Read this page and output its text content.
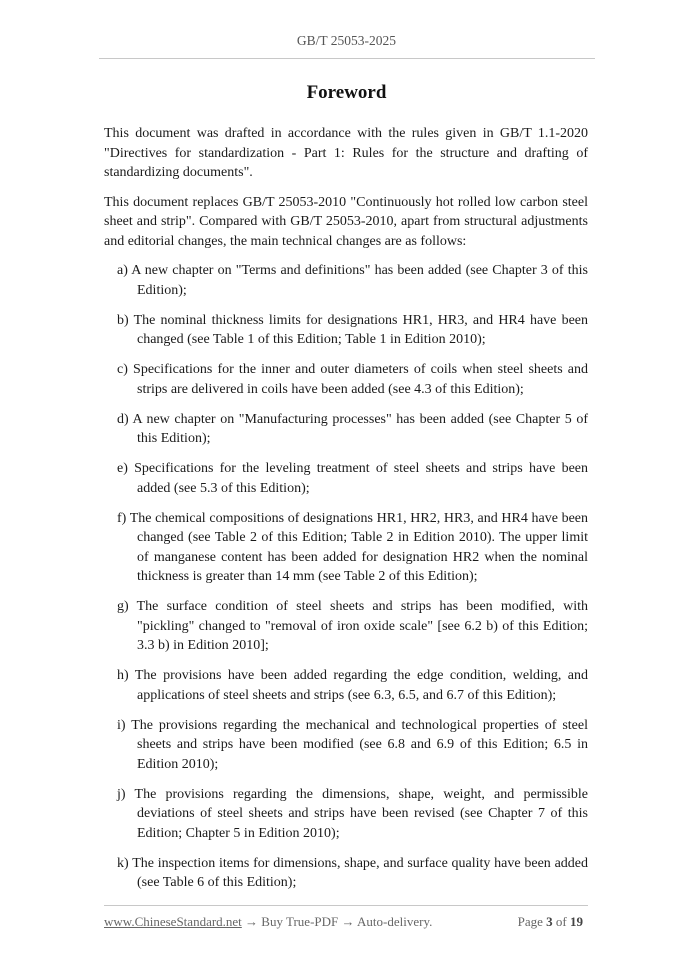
GB/T 25053-2025
Foreword

This document was drafted in accordance with the rules given in GB/T 1.1-2020 "Directives for standardization - Part 1: Rules for the structure and drafting of standardizing documents".

This document replaces GB/T 25053-2010 "Continuously hot rolled low carbon steel sheet and strip". Compared with GB/T 25053-2010, apart from structural adjustments and editorial changes, the main technical changes are as follows:

a) A new chapter on "Terms and definitions" has been added (see Chapter 3 of this Edition);
b) The nominal thickness limits for designations HR1, HR3, and HR4 have been changed (see Table 1 of this Edition; Table 1 in Edition 2010);
c) Specifications for the inner and outer diameters of coils when steel sheets and strips are delivered in coils have been added (see 4.3 of this Edition);
d) A new chapter on "Manufacturing processes" has been added (see Chapter 5 of this Edition);
e) Specifications for the leveling treatment of steel sheets and strips have been added (see 5.3 of this Edition);
f) The chemical compositions of designations HR1, HR2, HR3, and HR4 have been changed (see Table 2 of this Edition; Table 2 in Edition 2010). The upper limit of manganese content has been added for designation HR2 when the nominal thickness is greater than 14 mm (see Table 2 of this Edition);
g) The surface condition of steel sheets and strips has been modified, with "pickling" changed to "removal of iron oxide scale" [see 6.2 b) of this Edition; 3.3 b) in Edition 2010];
h) The provisions have been added regarding the edge condition, welding, and applications of steel sheets and strips (see 6.3, 6.5, and 6.7 of this Edition);
i) The provisions regarding the mechanical and technological properties of steel sheets and strips have been modified (see 6.8 and 6.9 of this Edition; 6.5 in Edition 2010);
j) The provisions regarding the dimensions, shape, weight, and permissible deviations of steel sheets and strips have been revised (see Chapter 7 of this Edition; Chapter 5 in Edition 2010);
k) The inspection items for dimensions, shape, and surface quality have been added (see Table 6 of this Edition);
www.ChineseStandard.net → Buy True-PDF → Auto-delivery.	Page 3 of 19
